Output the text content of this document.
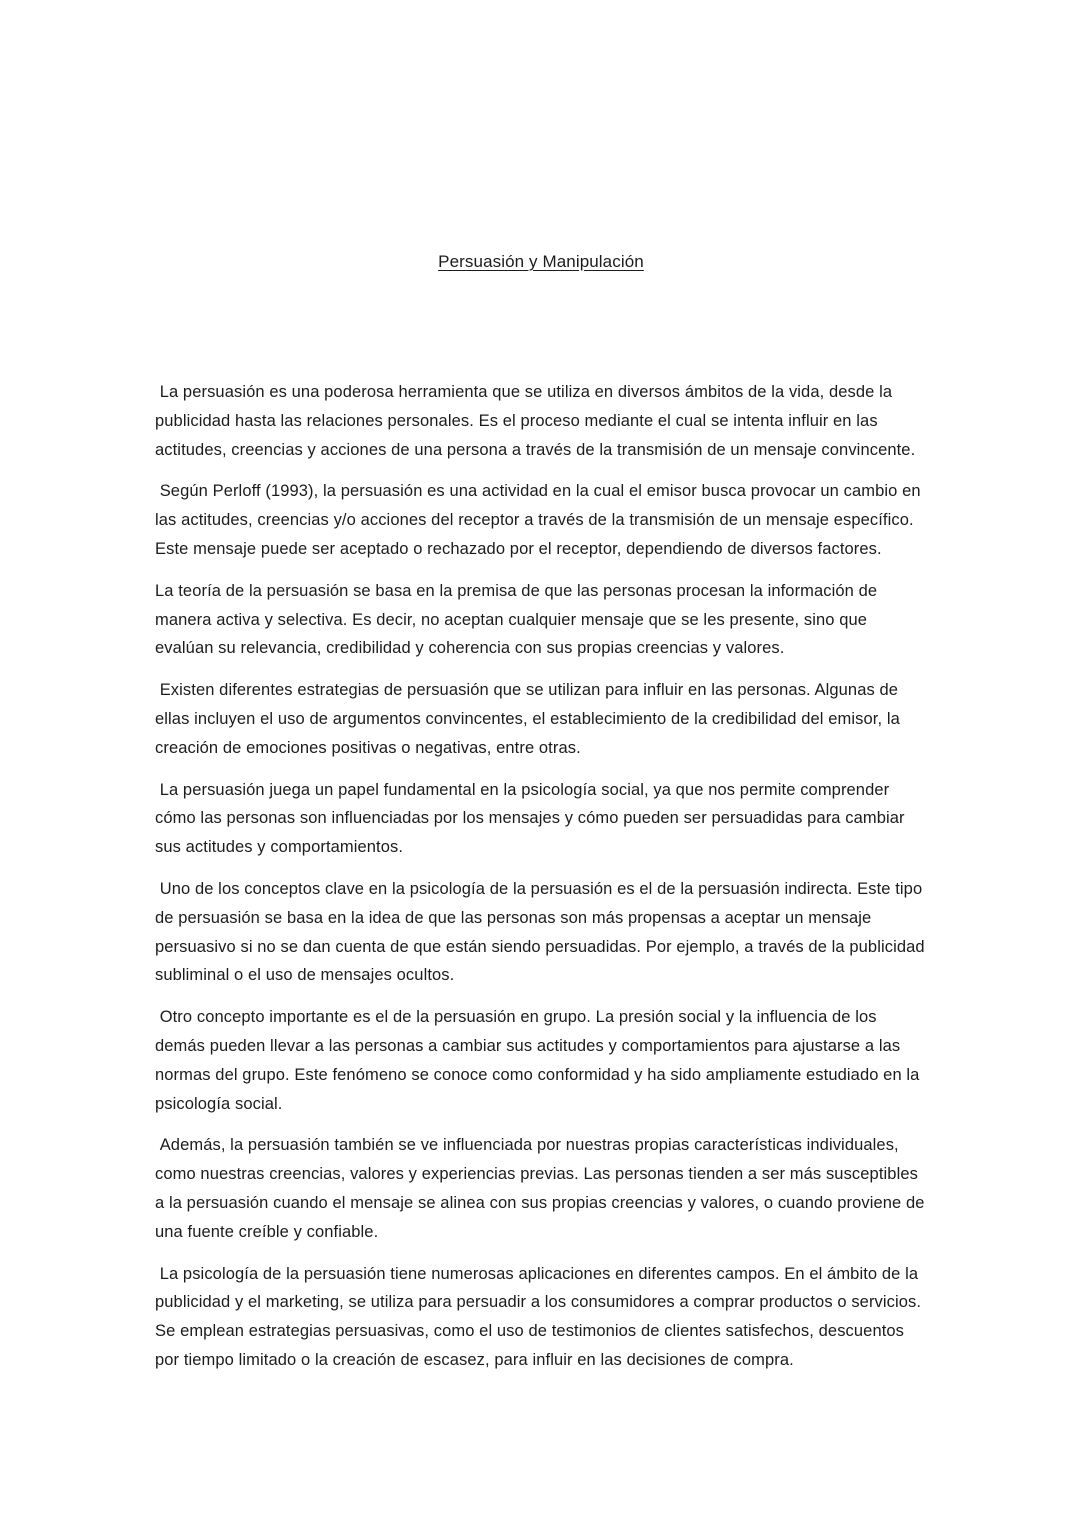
Persuasión y Manipulación

La persuasión es una poderosa herramienta que se utiliza en diversos ámbitos de la vida, desde la publicidad hasta las relaciones personales. Es el proceso mediante el cual se intenta influir en las actitudes, creencias y acciones de una persona a través de la transmisión de un mensaje convincente.

Según Perloff (1993), la persuasión es una actividad en la cual el emisor busca provocar un cambio en las actitudes, creencias y/o acciones del receptor a través de la transmisión de un mensaje específico. Este mensaje puede ser aceptado o rechazado por el receptor, dependiendo de diversos factores.

La teoría de la persuasión se basa en la premisa de que las personas procesan la información de manera activa y selectiva. Es decir, no aceptan cualquier mensaje que se les presente, sino que evalúan su relevancia, credibilidad y coherencia con sus propias creencias y valores.

Existen diferentes estrategias de persuasión que se utilizan para influir en las personas. Algunas de ellas incluyen el uso de argumentos convincentes, el establecimiento de la credibilidad del emisor, la creación de emociones positivas o negativas, entre otras.

La persuasión juega un papel fundamental en la psicología social, ya que nos permite comprender cómo las personas son influenciadas por los mensajes y cómo pueden ser persuadidas para cambiar sus actitudes y comportamientos.

Uno de los conceptos clave en la psicología de la persuasión es el de la persuasión indirecta. Este tipo de persuasión se basa en la idea de que las personas son más propensas a aceptar un mensaje persuasivo si no se dan cuenta de que están siendo persuadidas. Por ejemplo, a través de la publicidad subliminal o el uso de mensajes ocultos.

Otro concepto importante es el de la persuasión en grupo. La presión social y la influencia de los demás pueden llevar a las personas a cambiar sus actitudes y comportamientos para ajustarse a las normas del grupo. Este fenómeno se conoce como conformidad y ha sido ampliamente estudiado en la psicología social.

Además, la persuasión también se ve influenciada por nuestras propias características individuales, como nuestras creencias, valores y experiencias previas. Las personas tienden a ser más susceptibles a la persuasión cuando el mensaje se alinea con sus propias creencias y valores, o cuando proviene de una fuente creíble y confiable.

La psicología de la persuasión tiene numerosas aplicaciones en diferentes campos. En el ámbito de la publicidad y el marketing, se utiliza para persuadir a los consumidores a comprar productos o servicios. Se emplean estrategias persuasivas, como el uso de testimonios de clientes satisfechos, descuentos por tiempo limitado o la creación de escasez, para influir en las decisiones de compra.
